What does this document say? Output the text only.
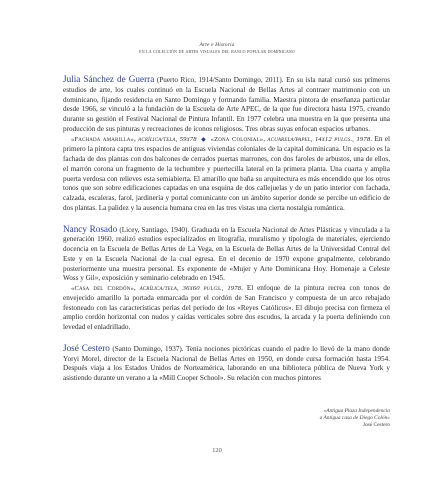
Arte e Historia
en la colección de artes visuales del banco popular dominicano

Julia Sánchez de Guerra (Puerto Rico, 1914/Santo Domingo, 2011). En su isla natal cursó sus primeros estudios de arte, los cuales continuó en la Escuela Nacional de Bellas Artes al contraer matrimonio con un dominicano, fijando residencia en Santo Domingo y formando familia. Maestra pintora de enseñanza particular desde 1966, se vinculó a la fundación de la Escuela de Arte APEC, de la que fue directora hasta 1975, creando durante su gestión el Festival Nacional de Pintura Infantil. En 1977 celebra una muestra en la que presenta una producción de sus pinturas y recreaciones de íconos religiosos. Tres obras suyas enfocan espacios urbanos.

«Fachada amarilla», acrílica/tela, 59x78 ◆ «Zona Colonial», acuarela/papel, 14x12 pulgs., 1978. En el primero la pintora capta tres espacios de antiguas viviendas coloniales de la capital dominicana. Un espacio es la fachada de dos plantas con dos balcones de cerrados puertas marrones, con dos faroles de arbustos, una de ellos, el marrón corona un fragmento de la techumbre y puertecilla lateral en la primera planta. Una cuarta y amplia puerta verdosa con relieves esta semiabierta. El amarillo que baña su arquitectura es más encendido que los otros tonos que son sobre edificaciones captadas en una esquina de dos callejuelas y de un patio interior con fachada, calzada, escaleras, farol, jardinería y portal comunicante con un ámbito superior donde se percibe un edificio de dos plantas. La palidez y la ausencia humana crea en las tres vistas una cierta nostalgia romántica.

Nancy Rosado (Licey, Santiago, 1940). Graduada en la Escuela Nacional de Artes Plásticas y vinculada a la generación 1960, realizó estudios especializados en litografía, muralismo y tipología de materiales, ejerciendo docencia en la Escuela de Bellas Artes de La Vega, en la Escuela de Bellas Artes de la Universidad Central del Este y en la Escuela Nacional de la cual egresa. En el decenio de 1970 expone grupalmente, celebrando posteriormente una muestra personal. Es exponente de «Mujer y Arte Dominicana Hoy. Homenaje a Celeste Woss y Gil», exposición y seminario celebrado en 1945.

«Casa del Cordón», acrílica/tela, 36x60 pulgs., 1978. El enfoque de la pintura recrea con tonos de envejecido amarillo la portada enmarcada por el cordón de San Francisco y compuesta de un arco rebajado festoneado con las características perlas del período de los «Reyes Católicos». El dibujo precisa con firmeza el amplio cordón horizontal con nudos y caídas verticales sobre dos escudos, la arcada y la puerta definiendo con levedad el enladrillado.

José Cestero (Santo Domingo, 1937). Tenía nociones pictóricas cuando el padre lo llevó de la mano donde Yoryi Morel, director de la Escuela Nacional de Bellas Artes en 1950, en donde cursa formación hasta 1954. Después viaja a los Estados Unidos de Norteamérica, laborando en una biblioteca pública de Nueva York y asistiendo durante un verano a la «Mill Cooper School». Su relación con muchos pintores

«Antigua Plaza Independencia
a Antigua casa de Diego Colón»
José Cestero
120
